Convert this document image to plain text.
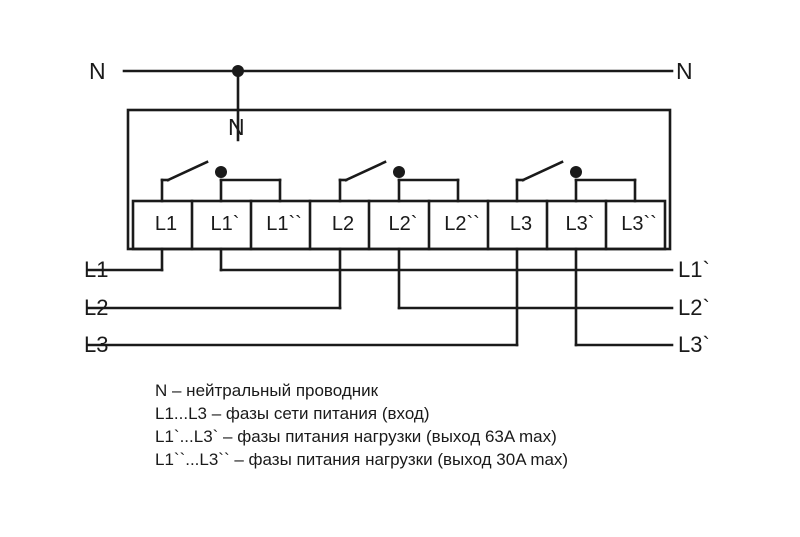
N	N
N
L1	L1`	L1``	L2	L2`	L2``	L3	L3`	L3``
L1
L2
L3
L1`
L2`
L3`
N – нейтральный проводник
L1...L3 – фазы сети питания (вход)
L1`...L3` – фазы питания нагрузки (выход 63A max)
L1``...L3`` – фазы питания нагрузки (выход 30A max)
